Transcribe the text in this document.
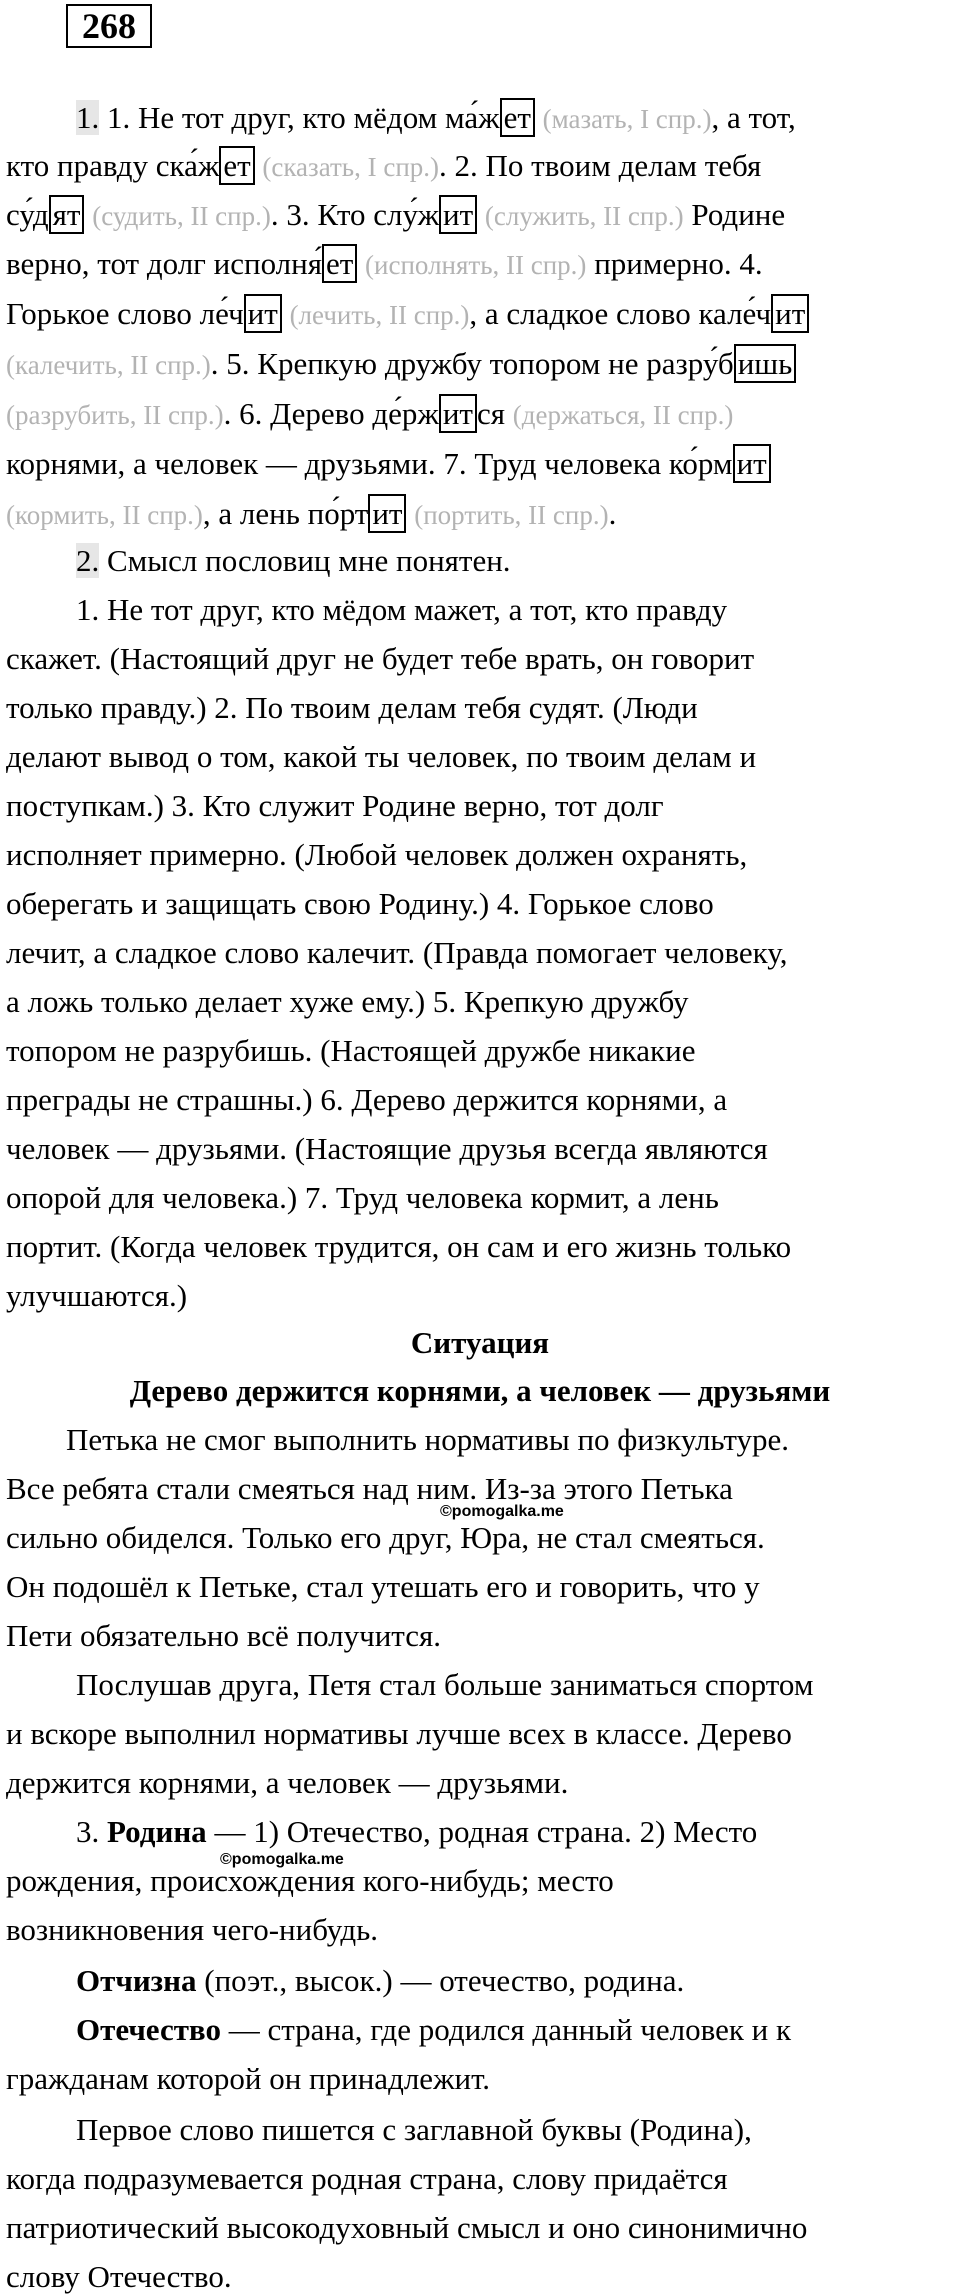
268
1. 1. Не тот друг, кто мёдом ма́ж ет (мазать, I спр.), а тот,
кто правду ска́ж ет (сказать, I спр.). 2. По твоим делам тебя
су́д ят (судить, II спр.). 3. Кто слу́ж ит (служить, II спр.) Родине
верно, тот долг исполня́ ет (исполнять, II спр.) примерно. 4.
Горькое слово ле́ч ит (лечить, II спр.), а сладкое слово кале́ч ит
(калечить, II спр.). 5. Крепкую дружбу топором не разру́б ишь
(разрубить, II спр.). 6. Дерево де́рж ит ся (держаться, II спр.)
корнями, а человек — друзьями. 7. Труд человека ко́рм ит
(кормить, II спр.), а лень по́рт ит (портить, II спр.).
2. Смысл пословиц мне понятен.
1. Не тот друг, кто мёдом мажет, а тот, кто правду
скажет. (Настоящий друг не будет тебе врать, он говорит
только правду.) 2. По твоим делам тебя судят. (Люди
делают вывод о том, какой ты человек, по твоим делам и
поступкам.) 3. Кто служит Родине верно, тот долг
исполняет примерно. (Любой человек должен охранять,
оберегать и защищать свою Родину.) 4. Горькое слово
лечит, а сладкое слово калечит. (Правда помогает человеку,
а ложь только делает хуже ему.) 5. Крепкую дружбу
топором не разрубишь. (Настоящей дружбе никакие
преграды не страшны.) 6. Дерево держится корнями, а
человек — друзьями. (Настоящие друзья всегда являются
опорой для человека.) 7. Труд человека кормит, а лень
портит. (Когда человек трудится, он сам и его жизнь только
улучшаются.)
Ситуация
Дерево держится корнями, а человек — друзьями
Петька не смог выполнить нормативы по физкультуре.
Все ребята стали смеяться над ним. Из-за этого Петька
сильно обиделся. Только его друг, Юра, не стал смеяться.
Он подошёл к Петьке, стал утешать его и говорить, что у
Пети обязательно всё получится.
Послушав друга, Петя стал больше заниматься спортом
и вскоре выполнил нормативы лучше всех в классе. Дерево
держится корнями, а человек — друзьями.
©pomogalka.me
3. Родина — 1) Отечество, родная страна. 2) Место
рождения, происхождения кого-нибудь; место
©pomogalka.me
возникновения чего-нибудь.
Отчизна (поэт., высок.) — отечество, родина.
Отечество — страна, где родился данный человек и к
гражданам которой он принадлежит.
Первое слово пишется с заглавной буквы (Родина),
когда подразумевается родная страна, слову придаётся
патриотический высокодуховный смысл и оно синонимично
слову Отечество.
